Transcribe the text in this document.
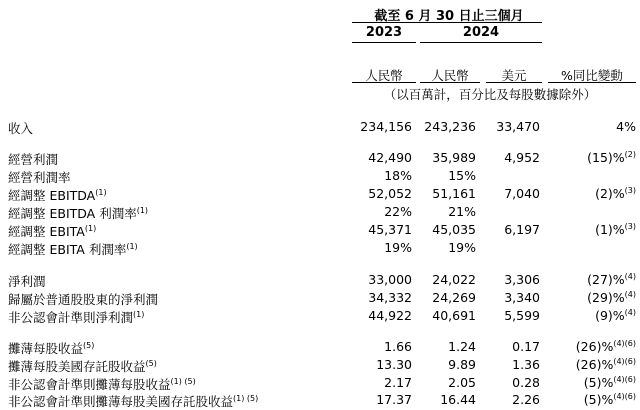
截至 6 月 30 日止三個月
2023	2024
人民幣	人民幣	美元	%同比變動
（以百萬計，百分比及每股數據除外）
收入	234,156 243,236 33,470	4%
經營利潤	42,490 35,989 4,952	(15)%$^{(2)}$
經營利潤率	18%	15%
經調整 EBITDA$^{(1)}$	52,052 51,161 7,040	(2)%$^{(3)}$
經調整 EBITDA 利潤率$^{(1)}$	22%	21%
經調整 EBITA$^{(1)}$	45,371 45,035 6,197	(1)%$^{(3)}$
經調整 EBITA 利潤率$^{(1)}$	19%	19%
淨利潤	33,000 24,022 3,306	(27)%$^{(4)}$
歸屬於普通股股東的淨利潤	34,332 24,269 3,340	(29)%$^{(4)}$
非公認會計準則淨利潤$^{(1)}$	44,922 40,691 5,599	(9)%$^{(4)}$
攤薄每股收益$^{(5)}$	1.66	1.24	0.17	(26)%$^{(4)(6)}$
攤薄每股美國存託股收益$^{(5)}$	13.30	9.89	1.36	(26)%$^{(4)(6)}$
非公認會計準則攤薄每股收益$^{(1) (5)}$	2.17	2.05	0.28	(5)%$^{(4)(6)}$
非公認會計準則攤薄每股美國存託股收益$^{(1) (5)}$	17.37 16.44	2.26	(5)%$^{(4)(6)}$
